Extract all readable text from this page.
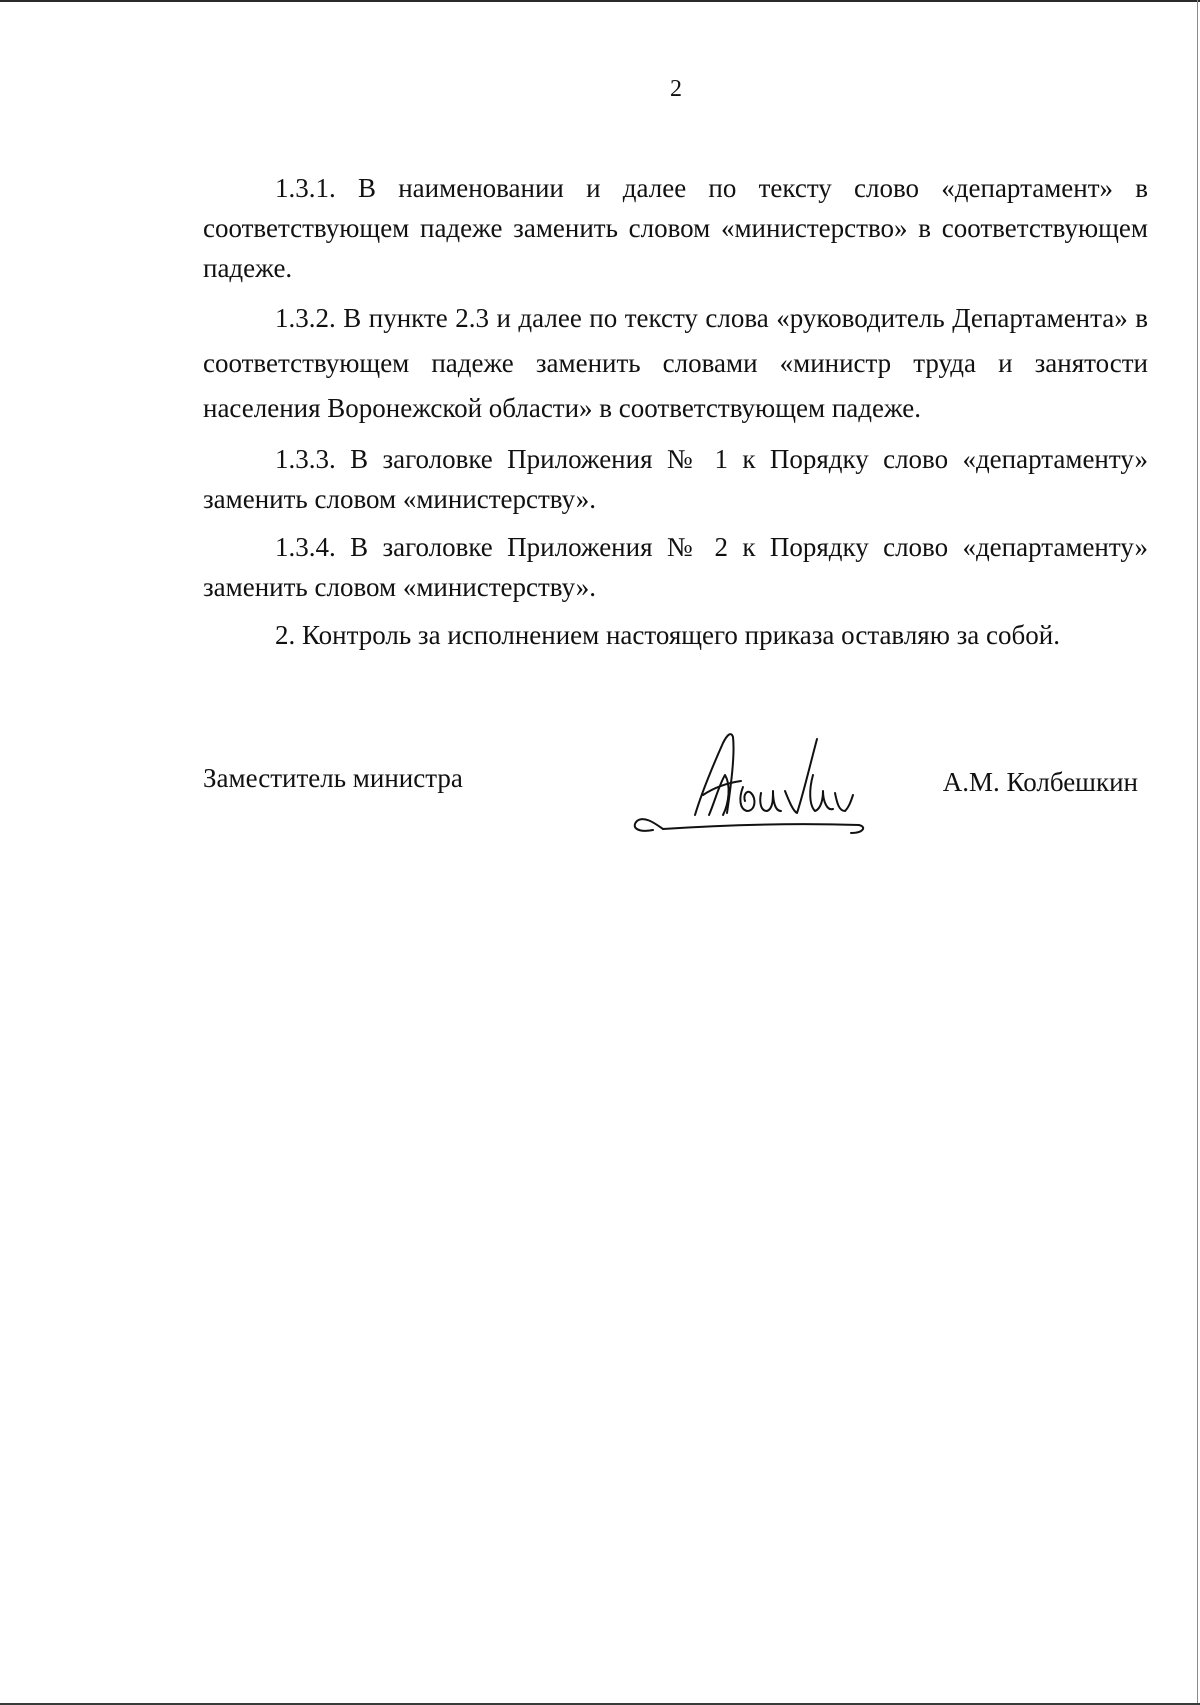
2

1.3.1. В наименовании и далее по тексту слово «департамент» в соответствующем падеже заменить словом «министерство» в соответствующем падеже.

1.3.2. В пункте 2.3 и далее по тексту слова «руководитель Департамента» в соответствующем падеже заменить словами «министр труда и занятости населения Воронежской области» в соответствующем падеже.

1.3.3. В заголовке Приложения № 1 к Порядку слово «департаменту» заменить словом «министерству».

1.3.4. В заголовке Приложения № 2 к Порядку слово «департаменту» заменить словом «министерству».

2. Контроль за исполнением настоящего приказа оставляю за собой.

Заместитель министра	А.М. Колбешкин
